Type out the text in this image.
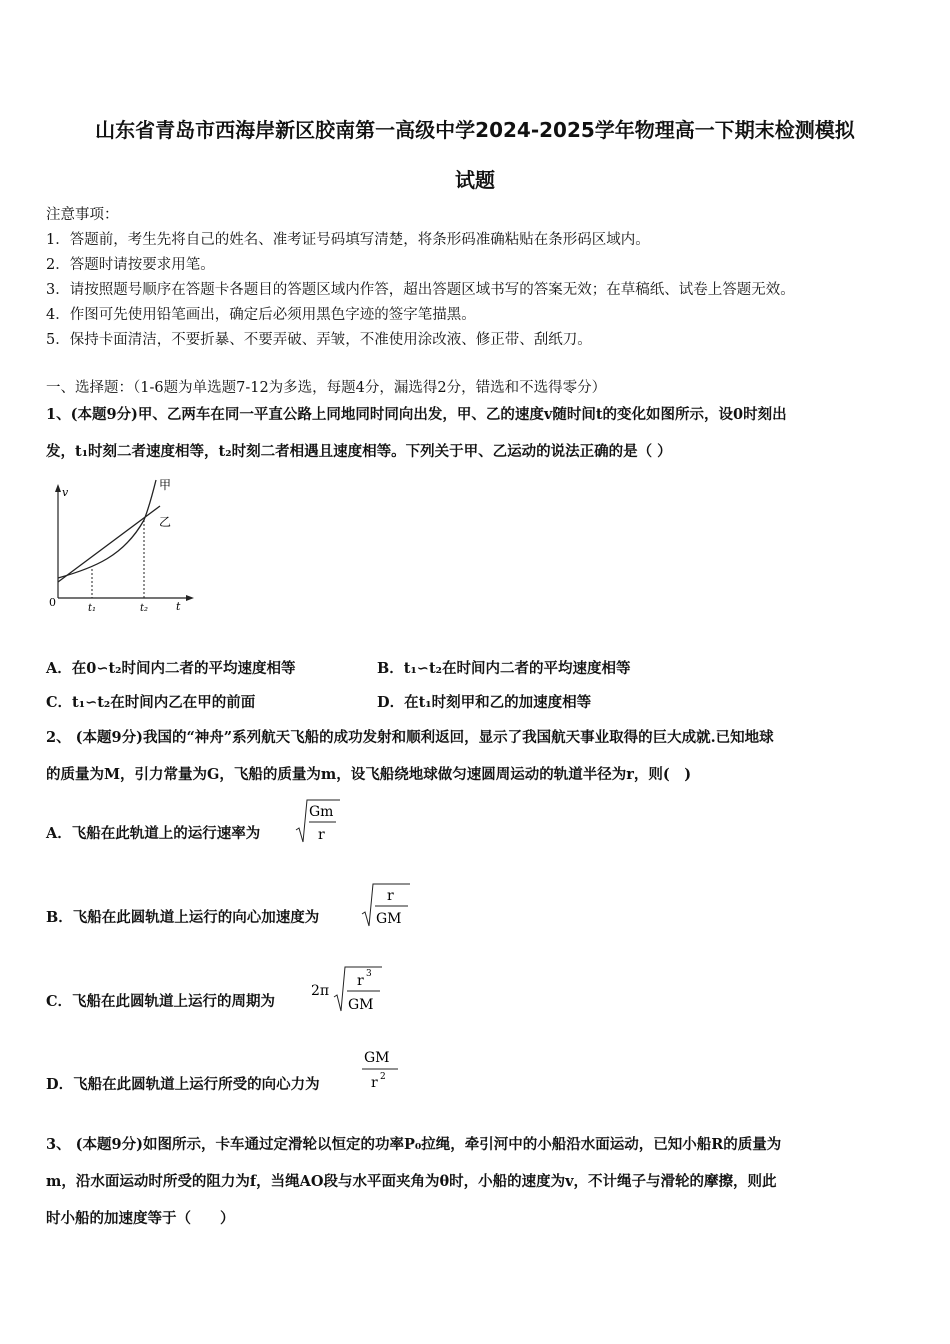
山东省青岛市西海岸新区胶南第一高级中学2024-2025学年物理高一下期末检测模拟
试题
注意事项：
1．答题前，考生先将自己的姓名、准考证号码填写清楚，将条形码准确粘贴在条形码区域内。
2．答题时请按要求用笔。
3．请按照题号顺序在答题卡各题目的答题区域内作答，超出答题区域书写的答案无效；在草稿纸、试卷上答题无效。
4．作图可先使用铅笔画出，确定后必须用黑色字迹的签字笔描黑。
5．保持卡面清洁，不要折暴、不要弄破、弄皱，不准使用涂改液、修正带、刮纸刀。
一、选择题：（1-6题为单选题7-12为多选，每题4分，漏选得2分，错选和不选得零分）
1、(本题9分)甲、乙两车在同一平直公路上同地同时同向出发，甲、乙的速度v随时间t的变化如图所示，设0时刻出
发，t₁时刻二者速度相等，t₂时刻二者相遇且速度相等。下列关于甲、乙运动的说法正确的是（ ）
v
t
0	t₁	t₂
甲
乙
A．在0∽t₂时间内二者的平均速度相等	B．t₁∽t₂在时间内二者的平均速度相等
C．t₁∽t₂在时间内乙在甲的前面	D．在t₁时刻甲和乙的加速度相等
2、 (本题9分)我国的“神舟”系列航天飞船的成功发射和顺利返回，显示了我国航天事业取得的巨大成就.已知地球
的质量为M，引力常量为G，飞船的质量为m，设飞船绕地球做匀速圆周运动的轨道半径为r，则(　)
A．飞船在此轨道上的运行速率为
Gm
r
B．飞船在此圆轨道上运行的向心加速度为
r
GM
C．飞船在此圆轨道上运行的周期为
2π
r 3
GM
D．飞船在此圆轨道上运行所受的向心力为
GM
r 2
3、 (本题9分)如图所示，卡车通过定滑轮以恒定的功率P₀拉绳，牵引河中的小船沿水面运动，已知小船R的质量为
m，沿水面运动时所受的阻力为f，当绳AO段与水平面夹角为θ时，小船的速度为v，不计绳子与滑轮的摩擦，则此
时小船的加速度等于（　　）
